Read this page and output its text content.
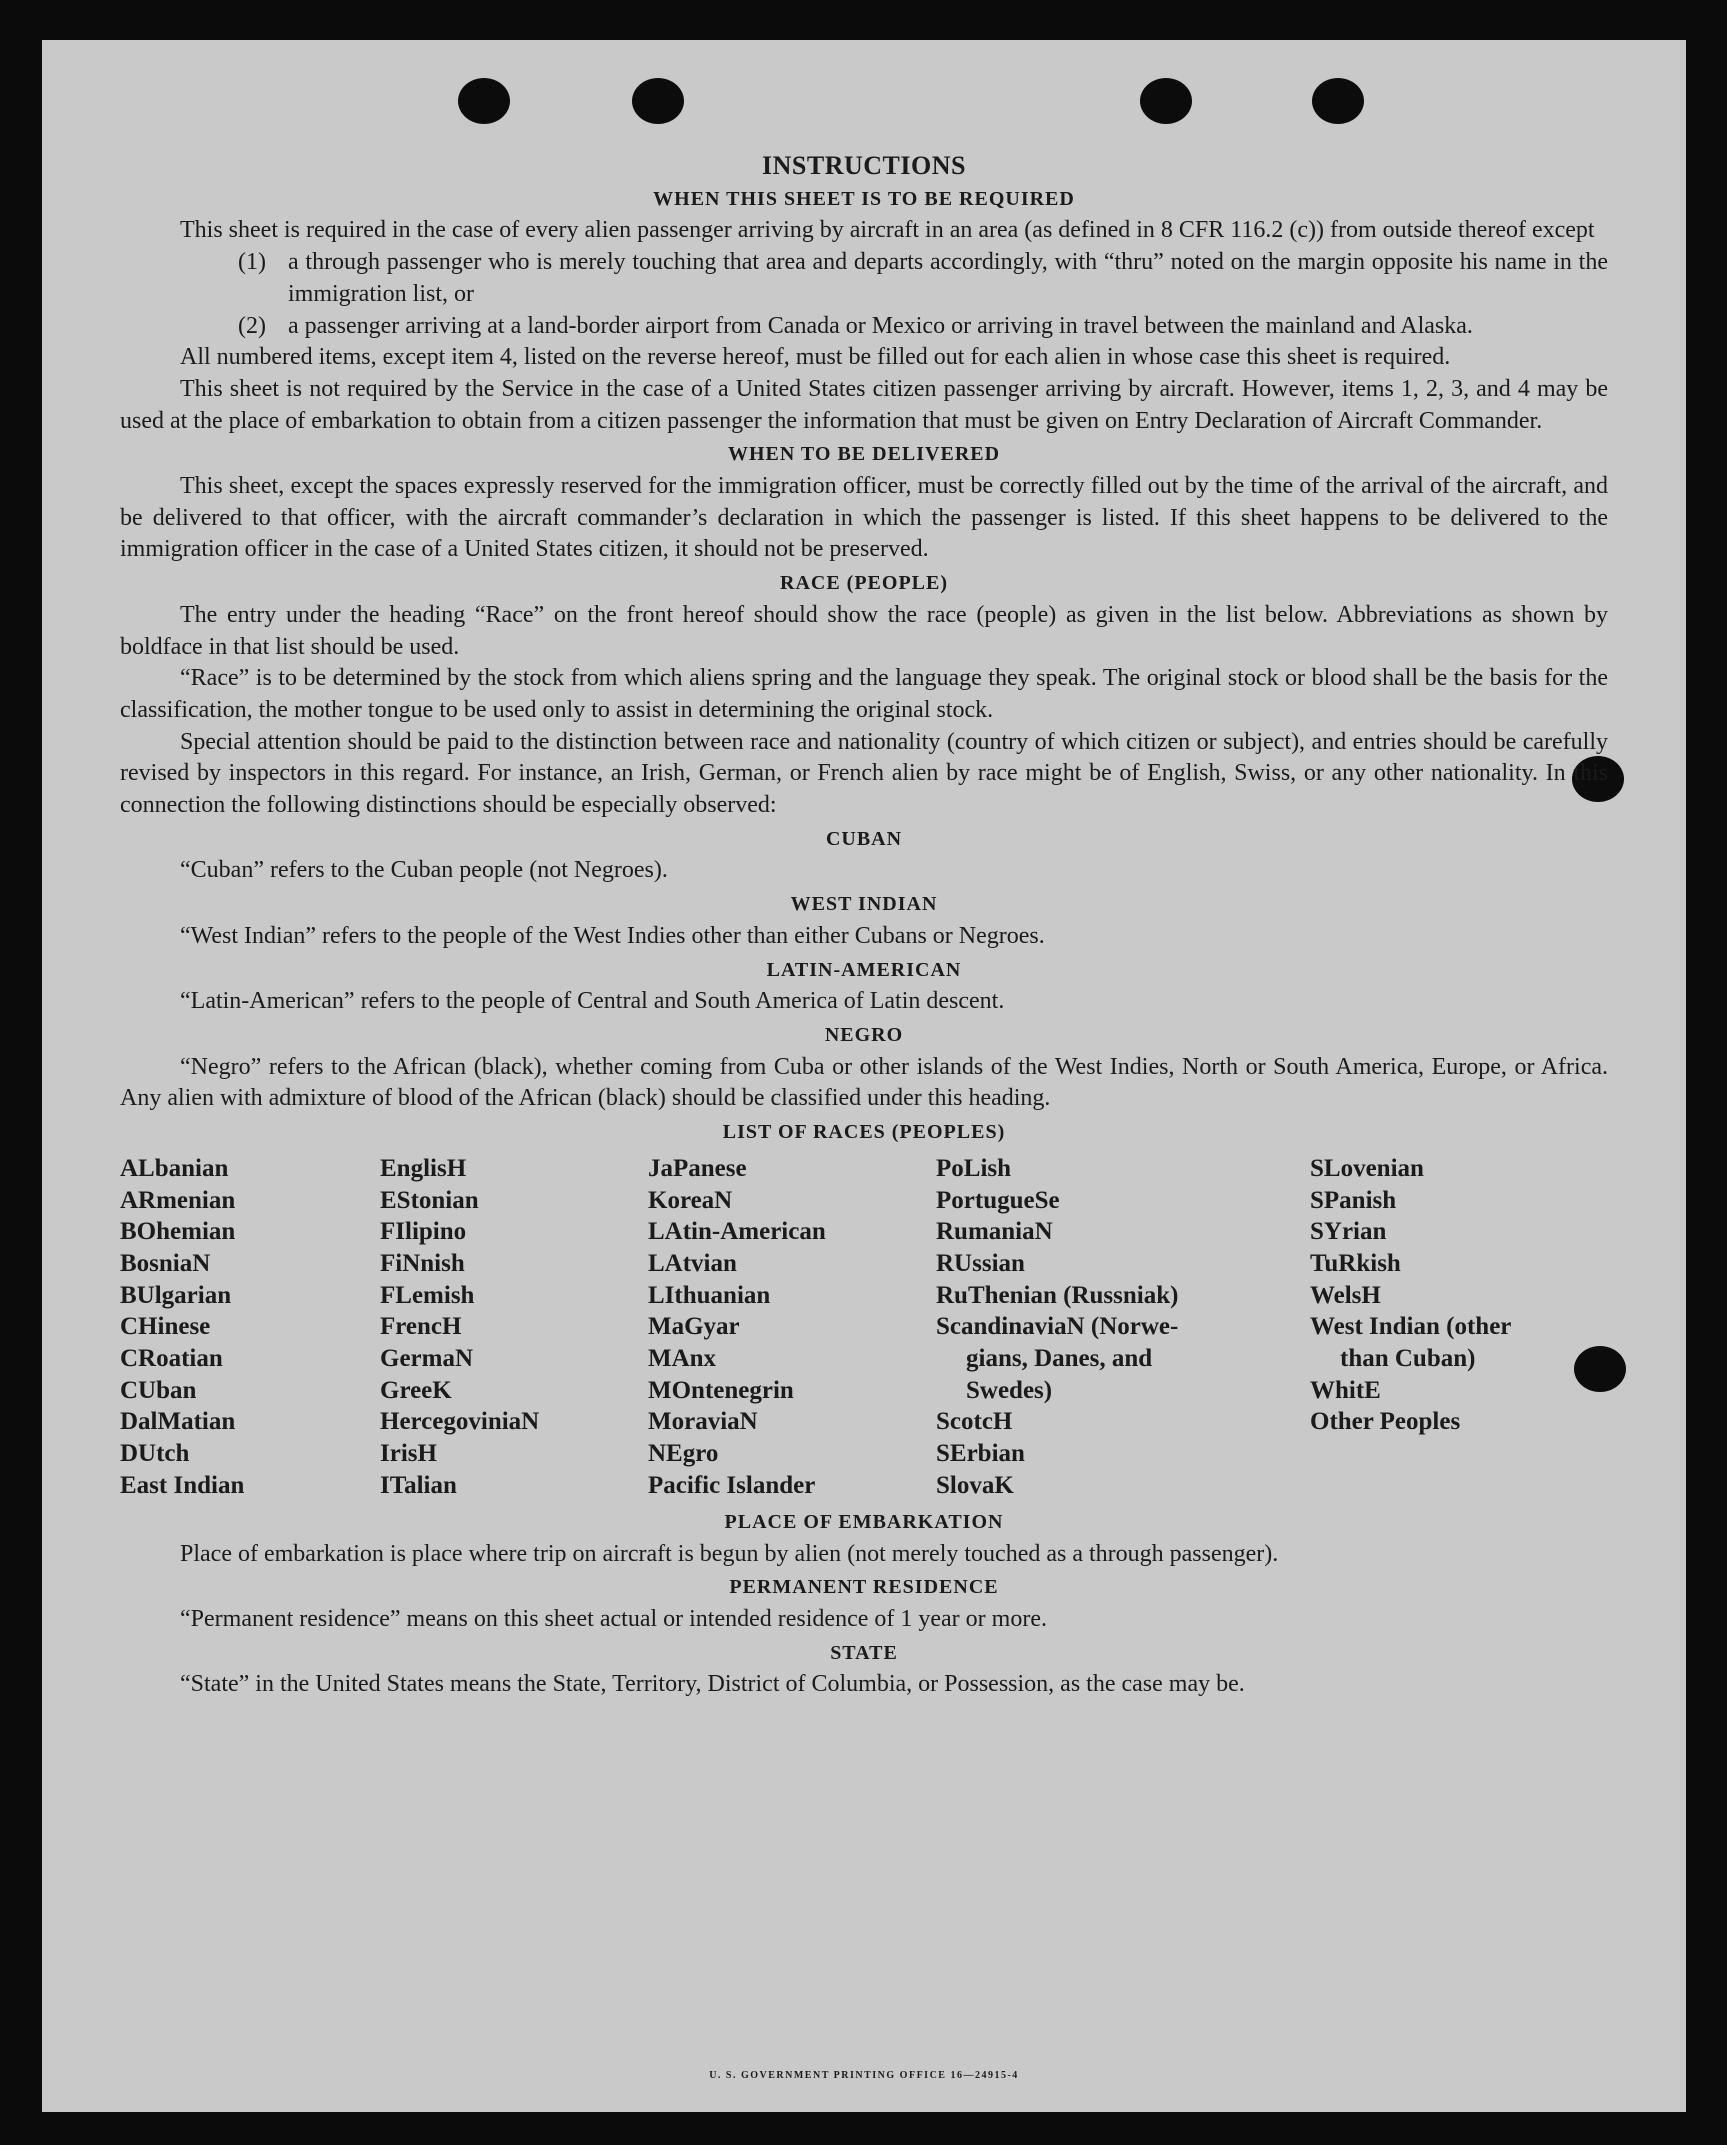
U. S. GOVERNMENT PRINTING OFFICE 16—24915-4
INSTRUCTIONS
WHEN THIS SHEET IS TO BE REQUIRED

This sheet is required in the case of every alien passenger arriving by aircraft in an area (as defined in 8 CFR 116.2 (c)) from outside thereof except

(1) a through passenger who is merely touching that area and departs accordingly, with “thru” noted on the margin opposite his name in the immigration list, or
(2) a passenger arriving at a land-border airport from Canada or Mexico or arriving in travel between the mainland and Alaska.

All numbered items, except item 4, listed on the reverse hereof, must be filled out for each alien in whose case this sheet is required.

This sheet is not required by the Service in the case of a United States citizen passenger arriving by aircraft. However, items 1, 2, 3, and 4 may be used at the place of embarkation to obtain from a citizen passenger the information that must be given on Entry Declaration of Aircraft Commander.

WHEN TO BE DELIVERED

This sheet, except the spaces expressly reserved for the immigration officer, must be correctly filled out by the time of the arrival of the aircraft, and be delivered to that officer, with the aircraft commander’s declaration in which the passenger is listed. If this sheet happens to be delivered to the immigration officer in the case of a United States citizen, it should not be preserved.

RACE (PEOPLE)

The entry under the heading “Race” on the front hereof should show the race (people) as given in the list below. Abbreviations as shown by boldface in that list should be used.

“Race” is to be determined by the stock from which aliens spring and the language they speak. The original stock or blood shall be the basis for the classification, the mother tongue to be used only to assist in determining the original stock.

Special attention should be paid to the distinction between race and nationality (country of which citizen or subject), and entries should be carefully revised by inspectors in this regard. For instance, an Irish, German, or French alien by race might be of English, Swiss, or any other nationality. In this connection the following distinctions should be especially observed:

CUBAN

“Cuban” refers to the Cuban people (not Negroes).

WEST INDIAN

“West Indian” refers to the people of the West Indies other than either Cubans or Negroes.

LATIN-AMERICAN

“Latin-American” refers to the people of Central and South America of Latin descent.

NEGRO

“Negro” refers to the African (black), whether coming from Cuba or other islands of the West Indies, North or South America, Europe, or Africa. Any alien with admixture of blood of the African (black) should be classified under this heading.

LIST OF RACES (PEOPLES)
ALbanian
ARmenian
BOhemian
BosniaN
BUlgarian
CHinese
CRoatian
CUban
DalMatian
DUtch
East Indian
EnglisH
EStonian
FIlipino
FiNnish
FLemish
FrencH
GermaN
GreeK
HercegoviniaN
IrisH
ITalian
JaPanese
KoreaN
LAtin-American
LAtvian
LIthuanian
MaGyar
MAnx
MOntenegrin
MoraviaN
NEgro
Pacific Islander
PoLish
PortugueSe
RumaniaN
RUssian
RuThenian (Russniak)
ScandinaviaN (Norwe-
gians, Danes, and
Swedes)
ScotcH
SErbian
SlovaK
SLovenian
SPanish
SYrian
TuRkish
WelsH
West Indian (other
than Cuban)
WhitE
Other Peoples
PLACE OF EMBARKATION

Place of embarkation is place where trip on aircraft is begun by alien (not merely touched as a through passenger).

PERMANENT RESIDENCE

“Permanent residence” means on this sheet actual or intended residence of 1 year or more.

STATE

“State” in the United States means the State, Territory, District of Columbia, or Possession, as the case may be.
